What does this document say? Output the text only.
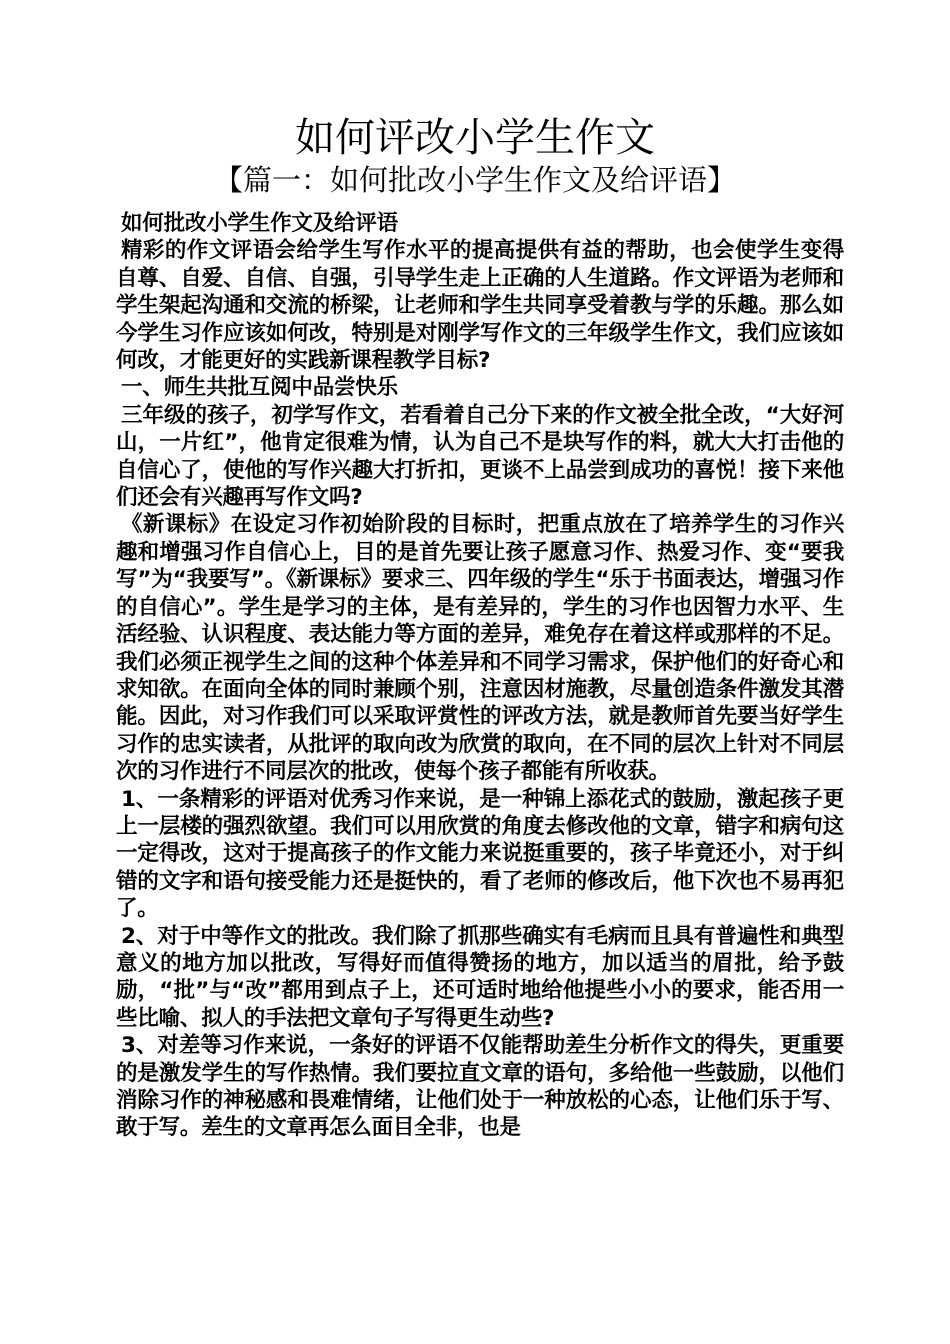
如何评改小学生作文
【篇一：如何批改小学生作文及给评语】

如何批改小学生作文及给评语

精彩的作文评语会给学生写作水平的提高提供有益的帮助，也会使学生变得自尊、自爱、自信、自强，引导学生走上正确的人生道路。作文评语为老师和学生架起沟通和交流的桥梁，让老师和学生共同享受着教与学的乐趣。那么如今学生习作应该如何改，特别是对刚学写作文的三年级学生作文，我们应该如何改，才能更好的实践新课程教学目标?

一、师生共批互阅中品尝快乐

三年级的孩子，初学写作文，若看着自己分下来的作文被全批全改，“大好河山，一片红”，他肯定很难为情，认为自己不是块写作的料，就大大打击他的自信心了，使他的写作兴趣大打折扣，更谈不上品尝到成功的喜悦！接下来他们还会有兴趣再写作文吗?

《新课标》在设定习作初始阶段的目标时，把重点放在了培养学生的习作兴趣和增强习作自信心上，目的是首先要让孩子愿意习作、热爱习作、变“要我写”为“我要写”。《新课标》要求三、四年级的学生“乐于书面表达，增强习作的自信心”。学生是学习的主体，是有差异的，学生的习作也因智力水平、生活经验、认识程度、表达能力等方面的差异，难免存在着这样或那样的不足。我们必须正视学生之间的这种个体差异和不同学习需求，保护他们的好奇心和求知欲。在面向全体的同时兼顾个别，注意因材施教，尽量创造条件激发其潜能。因此，对习作我们可以采取评赏性的评改方法，就是教师首先要当好学生习作的忠实读者，从批评的取向改为欣赏的取向，在不同的层次上针对不同层次的习作进行不同层次的批改，使每个孩子都能有所收获。

1、一条精彩的评语对优秀习作来说，是一种锦上添花式的鼓励，激起孩子更上一层楼的强烈欲望。我们可以用欣赏的角度去修改他的文章，错字和病句这一定得改，这对于提高孩子的作文能力来说挺重要的，孩子毕竟还小，对于纠错的文字和语句接受能力还是挺快的，看了老师的修改后，他下次也不易再犯了。

2、对于中等作文的批改。我们除了抓那些确实有毛病而且具有普遍性和典型意义的地方加以批改，写得好而值得赞扬的地方，加以适当的眉批，给予鼓励，“批”与“改”都用到点子上，还可适时地给他提些小小的要求，能否用一些比喻、拟人的手法把文章句子写得更生动些?

3、对差等习作来说，一条好的评语不仅能帮助差生分析作文的得失，更重要的是激发学生的写作热情。我们要拉直文章的语句，多给他一些鼓励，以他们消除习作的神秘感和畏难情绪，让他们处于一种放松的心态，让他们乐于写、敢于写。差生的文章再怎么面目全非，也是
